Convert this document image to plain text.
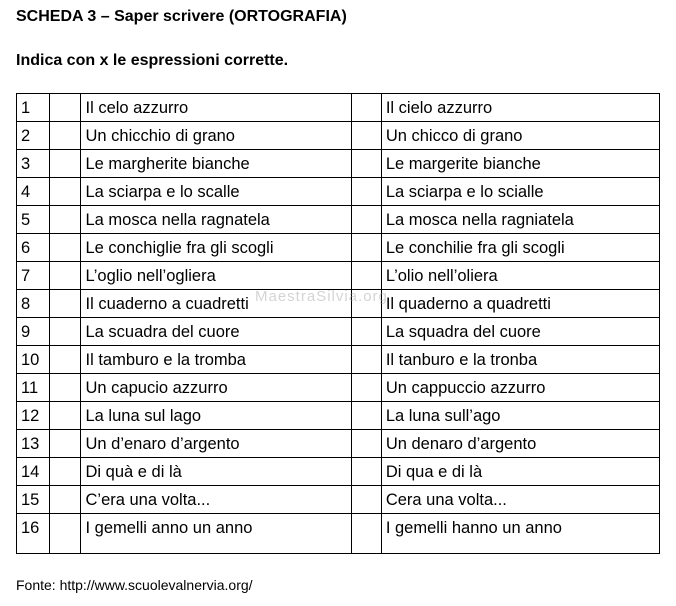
SCHEDA 3 – Saper scrivere (ORTOGRAFIA)

Indica con x le espressioni corrette.

1		Il celo azzurro		Il cielo azzurro
2		Un chicchio di grano		Un chicco di grano
3		Le margherite bianche		Le margerite bianche
4		La sciarpa e lo scalle		La sciarpa e lo scialle
5		La mosca nella ragnatela		La mosca nella ragniatela
6		Le conchiglie fra gli scogli		Le conchilie fra gli scogli
7		L’oglio nell’ogliera		L’olio nell’oliera
8		Il cuaderno a cuadretti		Il quaderno a quadretti
9		La scuadra del cuore		La squadra del cuore
10		Il tamburo e la tromba		Il tanburo e la tronba
11		Un capucio azzurro		Un cappuccio azzurro
12		La luna sul lago		La luna sull’ago
13		Un d’enaro d’argento		Un denaro d’argento
14		Di quà e di là		Di qua e di là
15		C’era una volta...		Cera una volta...
16		I gemelli anno un anno		I gemelli hanno un anno
MaestraSilvia.org

Fonte: http://www.scuolevalnervia.org/
